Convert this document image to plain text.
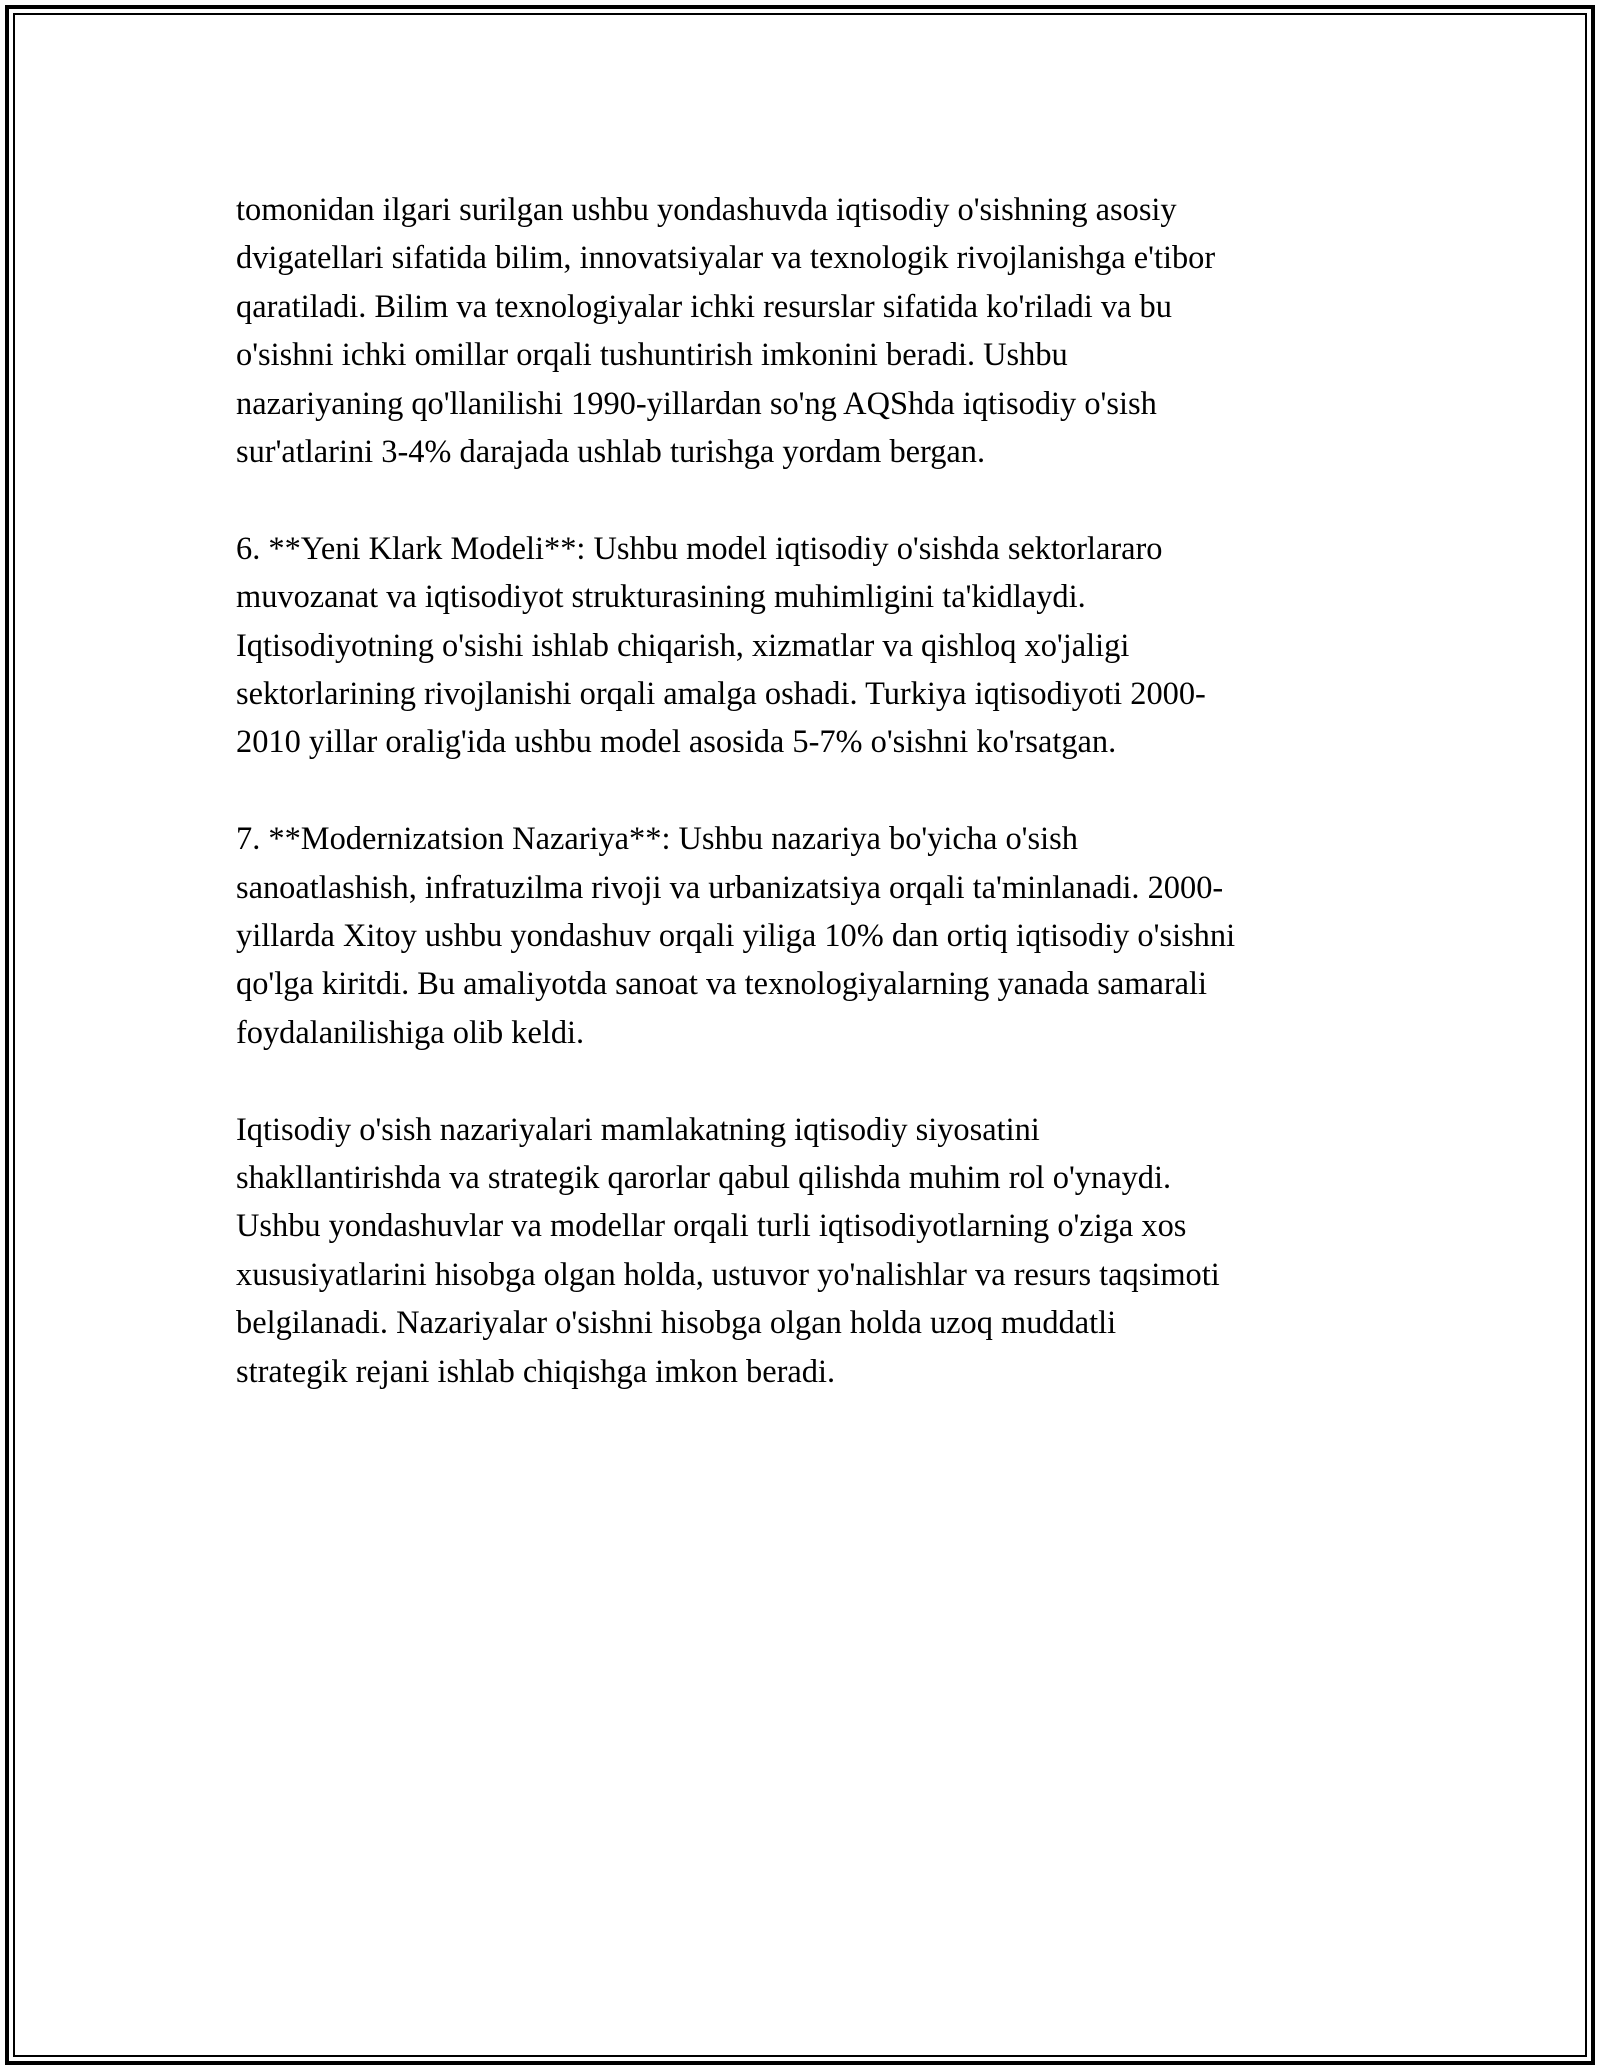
tomonidan ilgari surilgan ushbu yondashuvda iqtisodiy o'sishning asosiy
dvigatellari sifatida bilim, innovatsiyalar va texnologik rivojlanishga e'tibor
qaratiladi. Bilim va texnologiyalar ichki resurslar sifatida ko'riladi va bu
o'sishni ichki omillar orqali tushuntirish imkonini beradi. Ushbu
nazariyaning qo'llanilishi 1990-yillardan so'ng AQShda iqtisodiy o'sish
sur'atlarini 3-4% darajada ushlab turishga yordam bergan.

6. **Yeni Klark Modeli**: Ushbu model iqtisodiy o'sishda sektorlararo
muvozanat va iqtisodiyot strukturasining muhimligini ta'kidlaydi.
Iqtisodiyotning o'sishi ishlab chiqarish, xizmatlar va qishloq xo'jaligi
sektorlarining rivojlanishi orqali amalga oshadi. Turkiya iqtisodiyoti 2000-
2010 yillar oralig'ida ushbu model asosida 5-7% o'sishni ko'rsatgan.

7. **Modernizatsion Nazariya**: Ushbu nazariya bo'yicha o'sish
sanoatlashish, infratuzilma rivoji va urbanizatsiya orqali ta'minlanadi. 2000-
yillarda Xitoy ushbu yondashuv orqali yiliga 10% dan ortiq iqtisodiy o'sishni
qo'lga kiritdi. Bu amaliyotda sanoat va texnologiyalarning yanada samarali
foydalanilishiga olib keldi.

Iqtisodiy o'sish nazariyalari mamlakatning iqtisodiy siyosatini
shakllantirishda va strategik qarorlar qabul qilishda muhim rol o'ynaydi.
Ushbu yondashuvlar va modellar orqali turli iqtisodiyotlarning o'ziga xos
xususiyatlarini hisobga olgan holda, ustuvor yo'nalishlar va resurs taqsimoti
belgilanadi. Nazariyalar o'sishni hisobga olgan holda uzoq muddatli
strategik rejani ishlab chiqishga imkon beradi.
